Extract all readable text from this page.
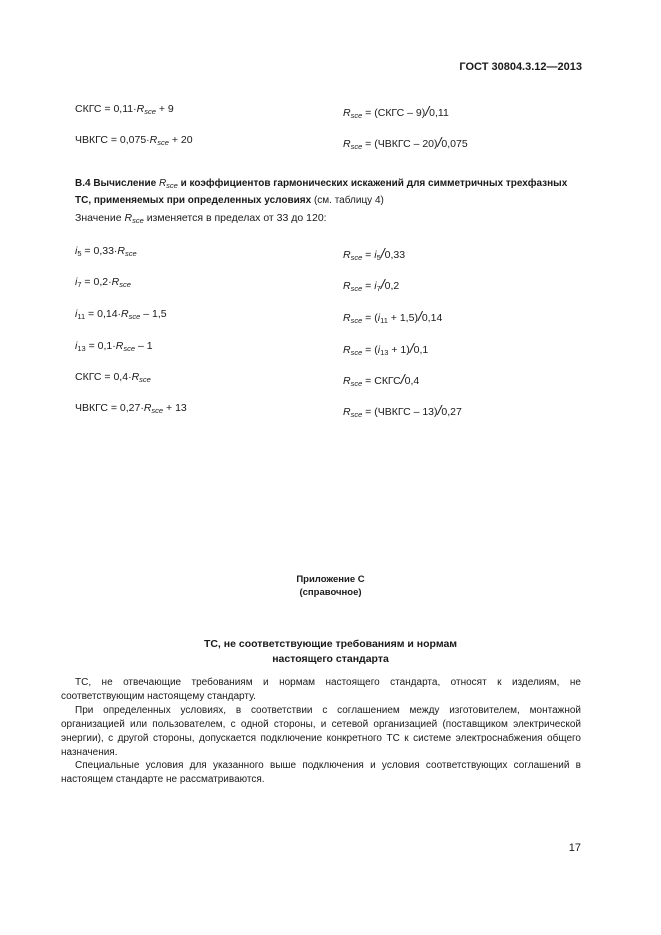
ГОСТ 30804.3.12—2013
СКГС = 0,11·Rsce + 9	Rsce = (СКГС – 9)/0,11
ЧВКГС = 0,075·Rsce + 20	Rsce = (ЧВКГС – 20)/0,075
В.4 Вычисление $R_{sce}$ и коэффициентов гармонических искажений для симметричных трехфазных ТС, применяемых при определенных условиях (см. таблицу 4)
Значение Rsce изменяется в пределах от 33 до 120:
i5 = 0,33·Rsce
i7 = 0,2·Rsce
i11 = 0,14·Rsce – 1,5
i13 = 0,1·Rsce – 1
СКГС = 0,4·Rsce
ЧВКГС = 0,27·Rsce + 13
Rsce = i5/0,33
Rsce = i7/0,2
Rsce = (i11 + 1,5)/0,14
Rsce = (i13 + 1)/0,1
Rsce = СКГС/0,4
Rsce = (ЧВКГС – 13)/0,27
Приложение С
(справочное)
ТС, не соответствующие требованиям и нормам
настоящего стандарта
ТС, не отвечающие требованиям и нормам настоящего стандарта, относят к изделиям, не соответствующим настоящему стандарту.
При определенных условиях, в соответствии с соглашением между изготовителем, монтажной организацией или пользователем, с одной стороны, и сетевой организацией (поставщиком электрической энергии), с другой стороны, допускается подключение конкретного ТС к системе электроснабжения общего назначения.
Специальные условия для указанного выше подключения и условия соответствующих соглашений в настоящем стандарте не рассматриваются.
17
